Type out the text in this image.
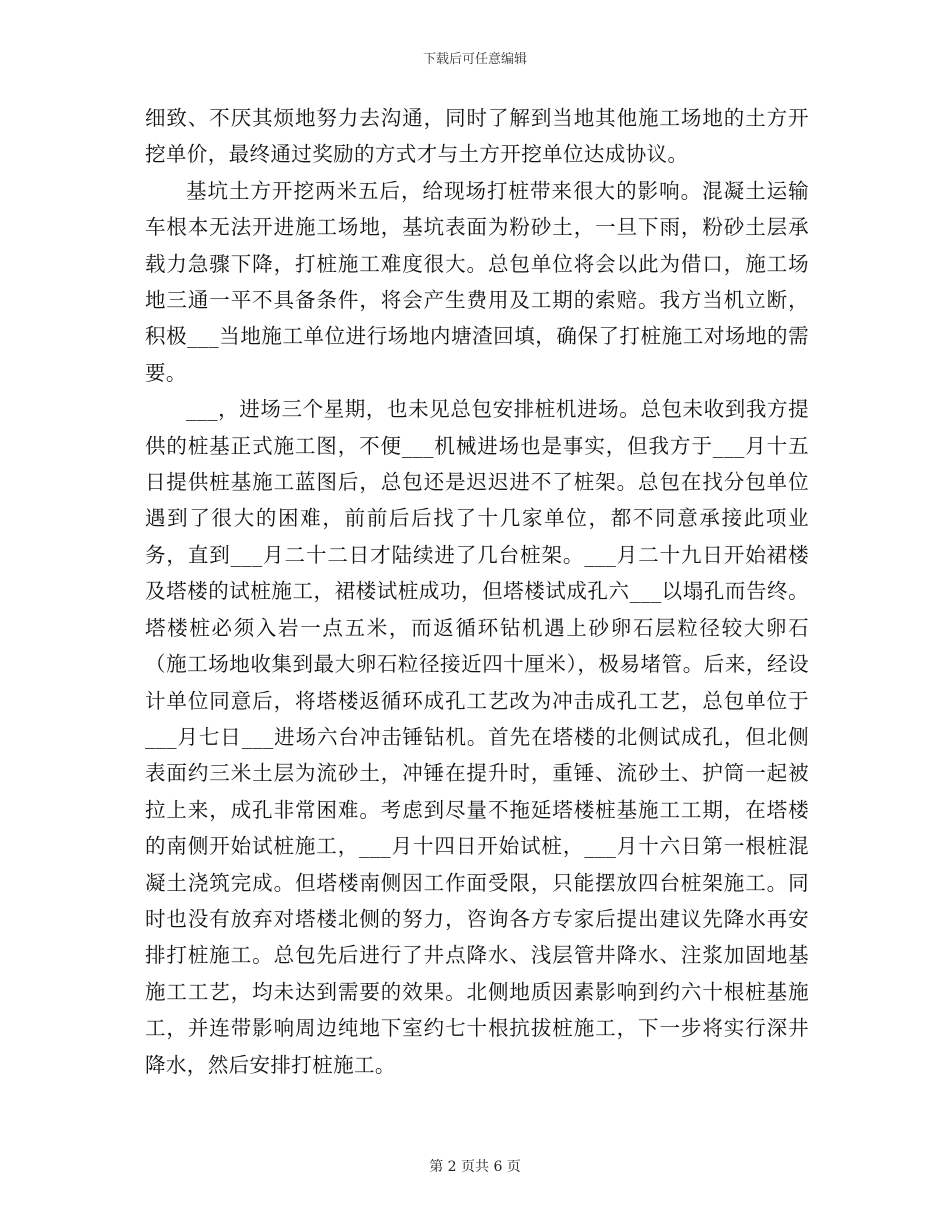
下载后可任意编辑

细致、不厌其烦地努力去沟通，同时了解到当地其他施工场地的土方开挖单价，最终通过奖励的方式才与土方开挖单位达成协议。

基坑土方开挖两米五后，给现场打桩带来很大的影响。混凝土运输车根本无法开进施工场地，基坑表面为粉砂土，一旦下雨，粉砂土层承载力急骤下降，打桩施工难度很大。总包单位将会以此为借口，施工场地三通一平不具备条件，将会产生费用及工期的索赔。我方当机立断，积极___当地施工单位进行场地内塘渣回填，确保了打桩施工对场地的需要。

___，进场三个星期，也未见总包安排桩机进场。总包未收到我方提供的桩基正式施工图，不便___机械进场也是事实，但我方于___月十五日提供桩基施工蓝图后，总包还是迟迟进不了桩架。总包在找分包单位遇到了很大的困难，前前后后找了十几家单位，都不同意承接此项业务，直到___月二十二日才陆续进了几台桩架。___月二十九日开始裙楼及塔楼的试桩施工，裙楼试桩成功，但塔楼试成孔六___以塌孔而告终。塔楼桩必须入岩一点五米，而返循环钻机遇上砂卵石层粒径较大卵石（施工场地收集到最大卵石粒径接近四十厘米），极易堵管。后来，经设计单位同意后，将塔楼返循环成孔工艺改为冲击成孔工艺，总包单位于___月七日___进场六台冲击锤钻机。首先在塔楼的北侧试成孔，但北侧表面约三米土层为流砂土，冲锤在提升时，重锤、流砂土、护筒一起被拉上来，成孔非常困难。考虑到尽量不拖延塔楼桩基施工工期，在塔楼的南侧开始试桩施工，___月十四日开始试桩，___月十六日第一根桩混凝土浇筑完成。但塔楼南侧因工作面受限，只能摆放四台桩架施工。同时也没有放弃对塔楼北侧的努力，咨询各方专家后提出建议先降水再安排打桩施工。总包先后进行了井点降水、浅层管井降水、注浆加固地基施工工艺，均未达到需要的效果。北侧地质因素影响到约六十根桩基施工，并连带影响周边纯地下室约七十根抗拔桩施工，下一步将实行深井降水，然后安排打桩施工。

第 2 页共 6 页
